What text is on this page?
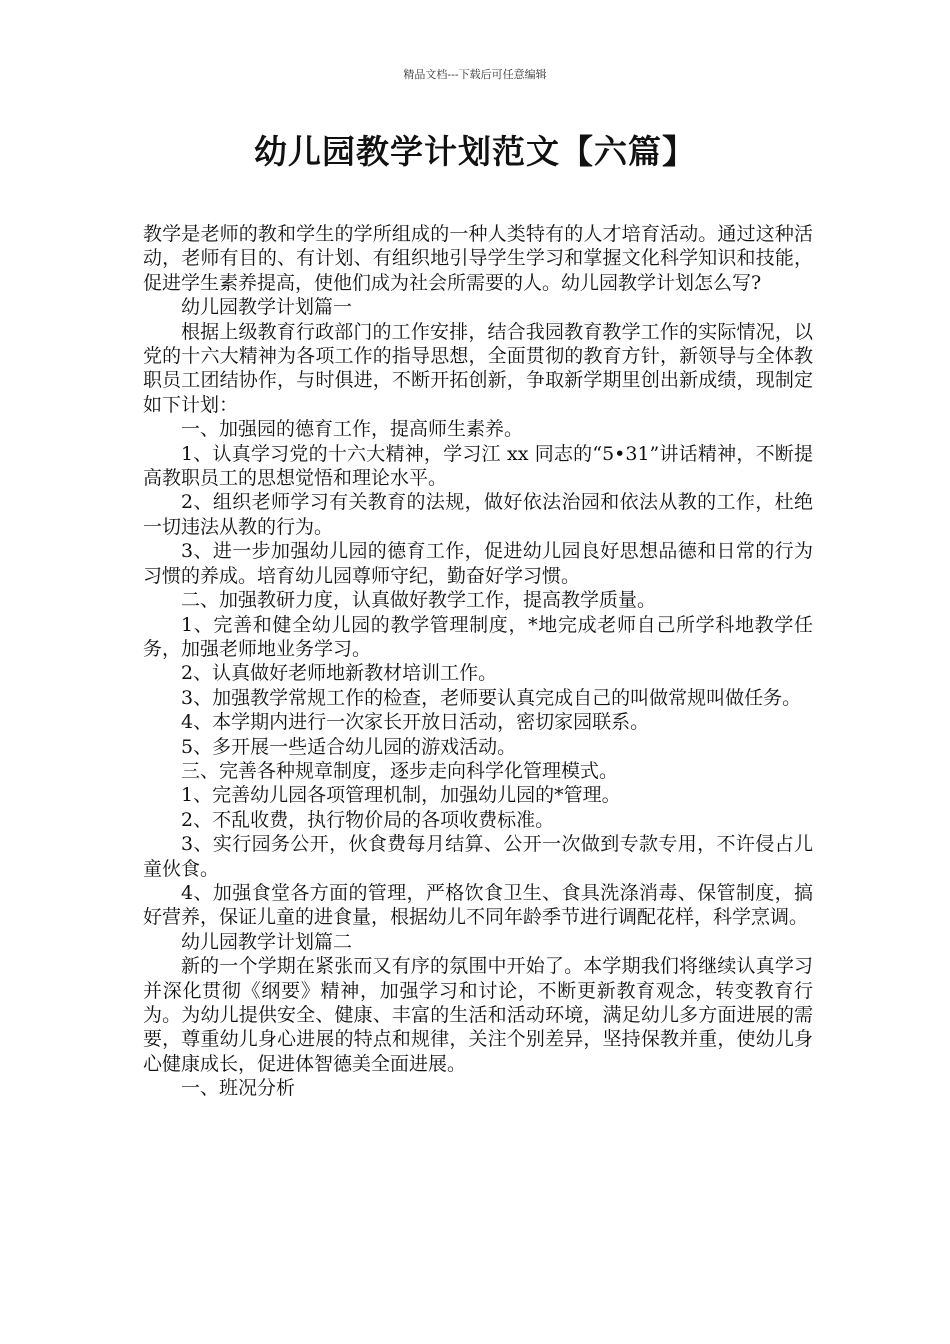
精品文档---下载后可任意编辑
幼儿园教学计划范文【六篇】

教学是老师的教和学生的学所组成的一种人类特有的人才培育活动。通过这种活动，老师有目的、有计划、有组织地引导学生学习和掌握文化科学知识和技能，促进学生素养提高，使他们成为社会所需要的人。幼儿园教学计划怎么写?

幼儿园教学计划篇一

根据上级教育行政部门的工作安排，结合我园教育教学工作的实际情况，以党的十六大精神为各项工作的指导思想，全面贯彻的教育方针，新领导与全体教职员工团结协作，与时俱进，不断开拓创新，争取新学期里创出新成绩，现制定如下计划：

一、加强园的德育工作，提高师生素养。

1、认真学习党的十六大精神，学习江 xx 同志的“5•31”讲话精神，不断提高教职员工的思想觉悟和理论水平。

2、组织老师学习有关教育的法规，做好依法治园和依法从教的工作，杜绝一切违法从教的行为。

3、进一步加强幼儿园的德育工作，促进幼儿园良好思想品德和日常的行为习惯的养成。培育幼儿园尊师守纪，勤奋好学习惯。

二、加强教研力度，认真做好教学工作，提高教学质量。

1、完善和健全幼儿园的教学管理制度，*地完成老师自己所学科地教学任务，加强老师地业务学习。

2、认真做好老师地新教材培训工作。

3、加强教学常规工作的检查，老师要认真完成自己的叫做常规叫做任务。

4、本学期内进行一次家长开放日活动，密切家园联系。

5、多开展一些适合幼儿园的游戏活动。

三、完善各种规章制度，逐步走向科学化管理模式。

1、完善幼儿园各项管理机制，加强幼儿园的*管理。

2、不乱收费，执行物价局的各项收费标准。

3、实行园务公开，伙食费每月结算、公开一次做到专款专用，不许侵占儿童伙食。

4、加强食堂各方面的管理，严格饮食卫生、食具洗涤消毒、保管制度，搞好营养，保证儿童的进食量，根据幼儿不同年龄季节进行调配花样，科学烹调。

幼儿园教学计划篇二

新的一个学期在紧张而又有序的氛围中开始了。本学期我们将继续认真学习并深化贯彻《纲要》精神，加强学习和讨论，不断更新教育观念，转变教育行为。为幼儿提供安全、健康、丰富的生活和活动环境，满足幼儿多方面进展的需要，尊重幼儿身心进展的特点和规律，关注个别差异，坚持保教并重，使幼儿身心健康成长，促进体智德美全面进展。

一、班况分析
